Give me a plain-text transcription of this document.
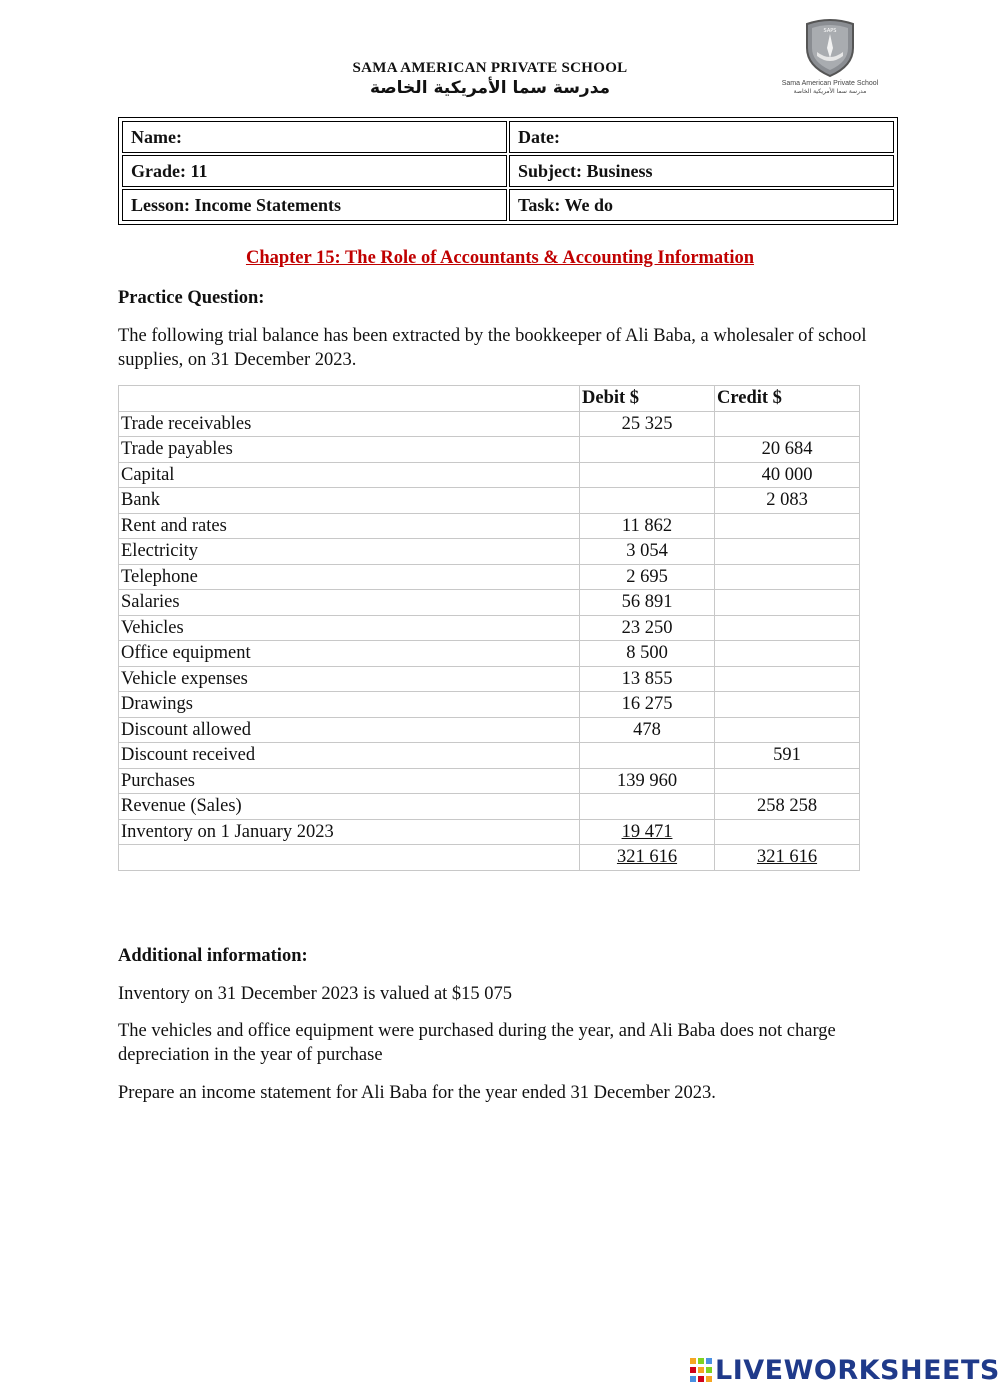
SAMA AMERICAN PRIVATE SCHOOL
مدرسة سما الأمريكية الخاصة
SAPS
Sama American Private School
مدرسة سما الأمريكية الخاصة
Name:	Date:
Grade: 11	Subject: Business
Lesson: Income Statements	Task: We do
Chapter 15: The Role of Accountants & Accounting Information
Practice Question:
The following trial balance has been extracted by the bookkeeper of Ali Baba, a wholesaler of school supplies, on 31 December 2023.
	Debit $	Credit $
Trade receivables	25 325	
Trade payables		20 684
Capital		40 000
Bank		2 083
Rent and rates	11 862	
Electricity	3 054	
Telephone	2 695	
Salaries	56 891	
Vehicles	23 250	
Office equipment	8 500	
Vehicle expenses	13 855	
Drawings	16 275	
Discount allowed	478	
Discount received		591
Purchases	139 960	
Revenue (Sales)		258 258
Inventory on 1 January 2023	19 471	
	321 616	321 616
Additional information:
Inventory on 31 December 2023 is valued at $15 075
The vehicles and office equipment were purchased during the year, and Ali Baba does not charge depreciation in the year of purchase
Prepare an income statement for Ali Baba for the year ended 31 December 2023.
LIVEWORKSHEETS
